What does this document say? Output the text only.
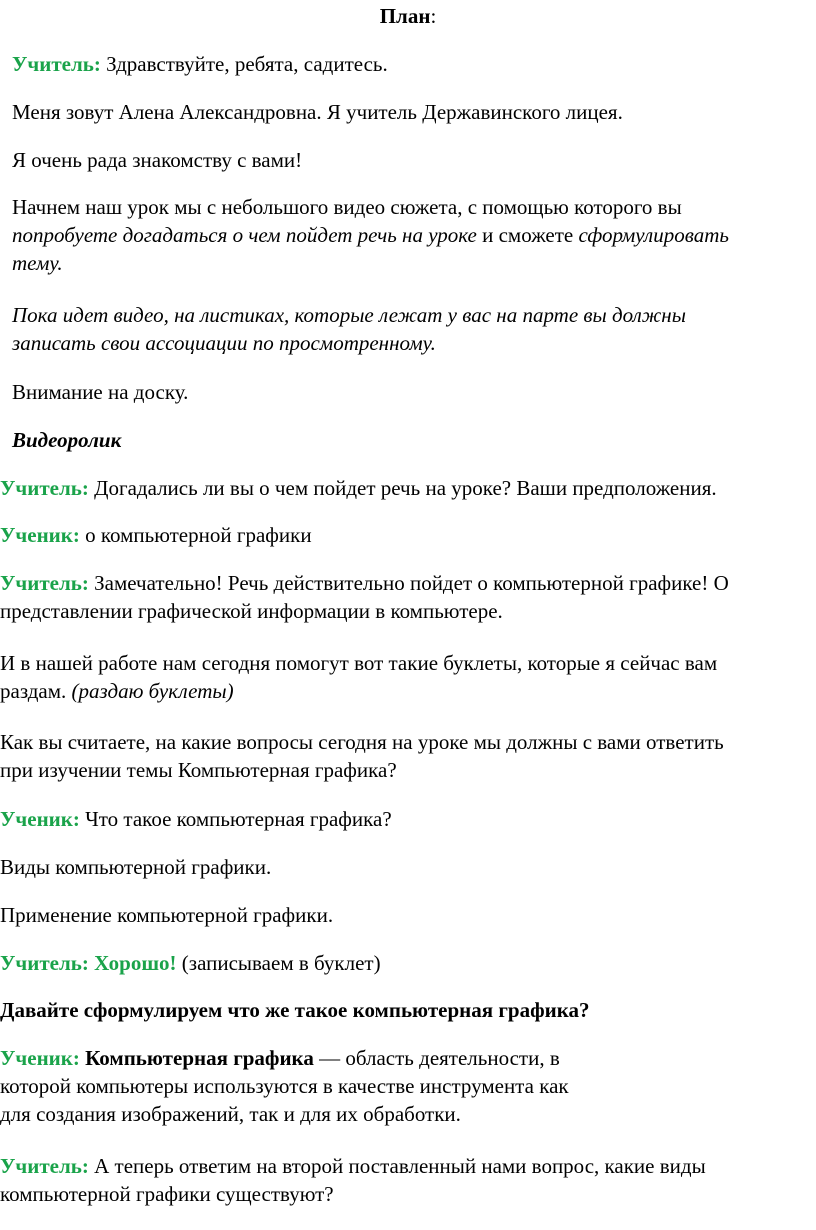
План:
Учитель: Здравствуйте, ребята, садитесь.
Меня зовут Алена Александровна. Я учитель Державинского лицея.
Я очень рада знакомству с вами!
Начнем наш урок мы с небольшого видео сюжета, с помощью которого вы
попробуете догадаться о чем пойдет речь на уроке и сможете сформулировать
тему.
Пока идет видео, на листиках, которые лежат у вас на парте вы должны
записать свои ассоциации по просмотренному.
Внимание на доску.
Видеоролик
Учитель: Догадались ли вы о чем пойдет речь на уроке? Ваши предположения.
Ученик: о компьютерной графики
Учитель: Замечательно! Речь действительно пойдет о компьютерной графике! О
представлении графической информации в компьютере.
И в нашей работе нам сегодня помогут вот такие буклеты, которые я сейчас вам
раздам. (раздаю буклеты)
Как вы считаете, на какие вопросы сегодня на уроке мы должны с вами ответить
при изучении темы Компьютерная графика?
Ученик: Что такое компьютерная графика?
Виды компьютерной графики.
Применение компьютерной графики.
Учитель: Хорошо! (записываем в буклет)
Давайте сформулируем что же такое компьютерная графика?
Ученик: Компьютерная графика — область деятельности, в
которой компьютеры используются в качестве инструмента как
для создания изображений, так и для их обработки.
Учитель: А теперь ответим на второй поставленный нами вопрос, какие виды
компьютерной графики существуют?
